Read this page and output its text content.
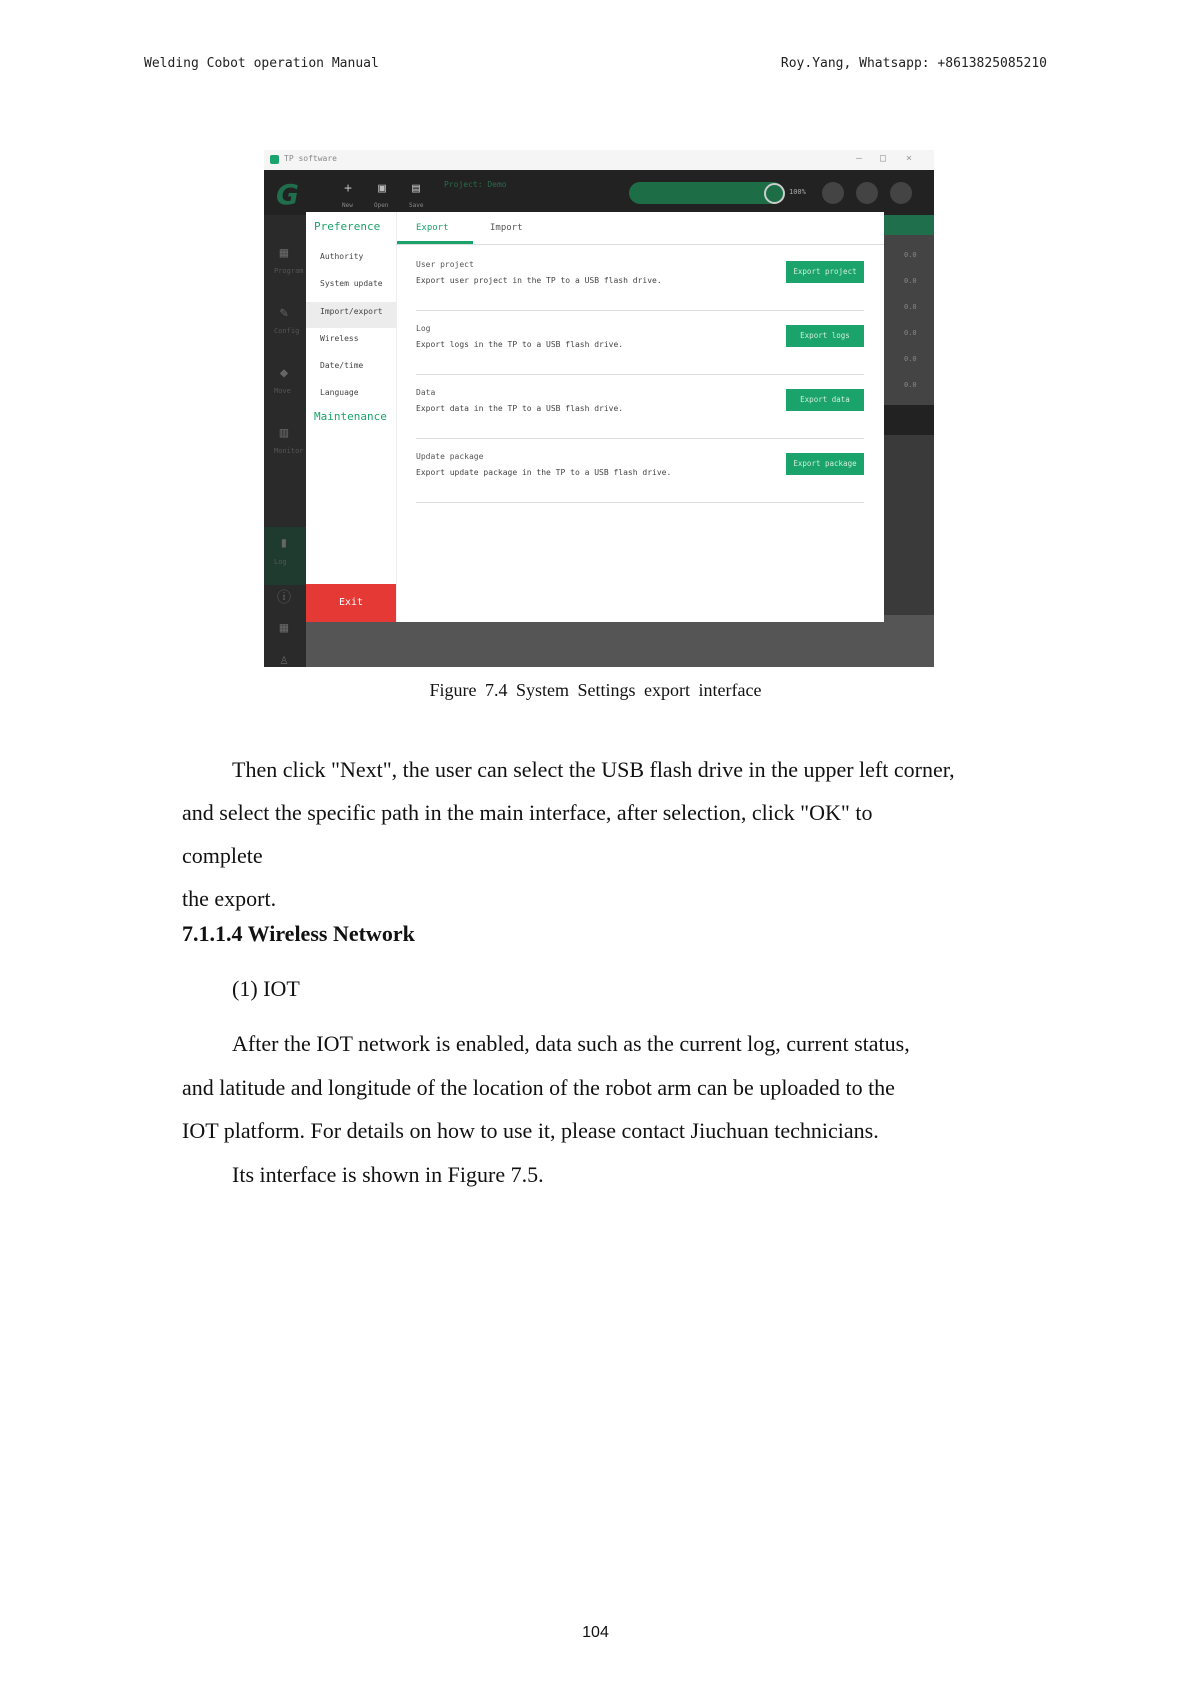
Welding Cobot operation Manual	Roy.Yang, Whatsapp: +8613825085210
TP software	– □ ×
G	+
New
▣
Open
▤
Save
Project: Demo
100%
▦
Program
✎
Config
◆
Move
▥
Monitor
▮
Log
ⓘ
▦
♙
0.0
0.0
0.0
0.0
0.0
0.0
Preference
Authority
System update
Import/export
Wireless
Date/time
Language
Maintenance
Exit
Export	Import
User project
Export user project in the TP to a USB flash drive.
Export project
Log
Export logs in the TP to a USB flash drive.
Export logs
Data
Export data in the TP to a USB flash drive.
Export data
Update package
Export update package in the TP to a USB flash drive.
Export package
Figure 7.4 System Settings export interface
Then click "Next", the user can select the USB flash drive in the upper left corner,
and select the specific path in the main interface, after selection, click "OK" to
complete
the export.
7.1.1.4 Wireless Network
(1) IOT
After the IOT network is enabled, data such as the current log, current status,
and latitude and longitude of the location of the robot arm can be uploaded to the
IOT platform. For details on how to use it, please contact Jiuchuan technicians.
Its interface is shown in Figure 7.5.
104
